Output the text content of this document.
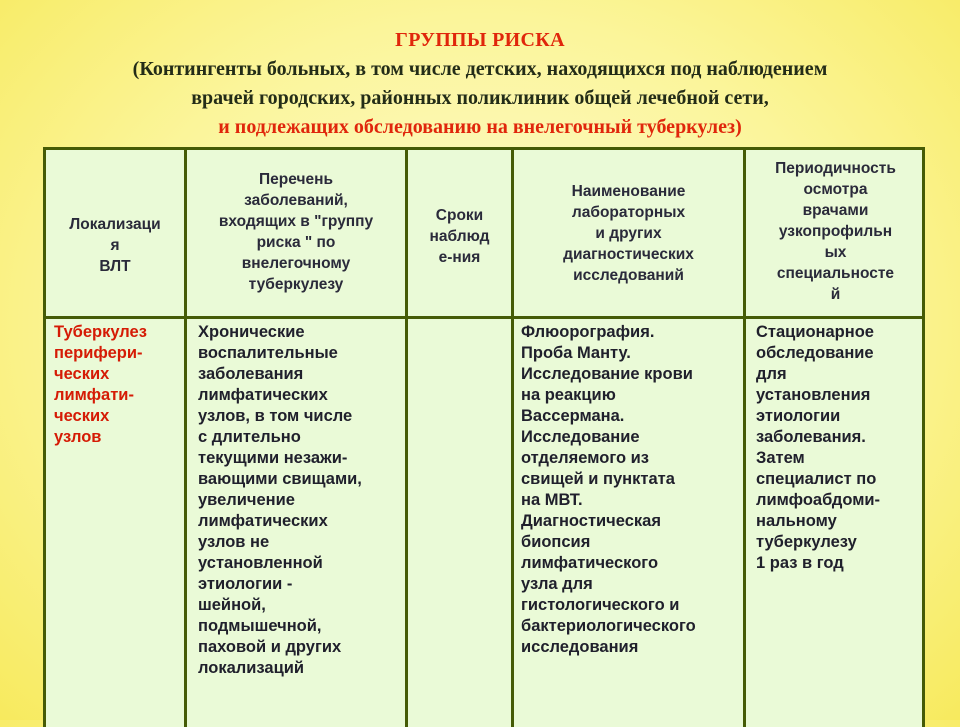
ГРУППЫ РИСКА
(Контингенты больных, в том числе детских, находящихся под наблюдением
врачей городских, районных поликлиник общей лечебной сети,
и подлежащих обследованию на внелегочный туберкулез)
Локализаци
я
ВЛТ
Перечень
заболеваний,
входящих в "группу
риска " по
внелегочному
туберкулезу
Сроки
наблюд
е-ния
Наименование
лабораторных
и других
диагностических
исследований
Периодичность
осмотра
врачами
узкопрофильн
ых
специальносте
й
Туберкулез
перифери-
ческих
лимфати-
ческих
узлов
Хронические
воспалительные
заболевания
лимфатических
узлов, в том числе
с длительно
текущими незажи-
вающими свищами,
увеличение
лимфатических
узлов не
установленной
этиологии -
шейной,
подмышечной,
паховой и других
локализаций
Флюорография.
Проба Манту.
Исследование крови
на реакцию
Вассермана.
Исследование
отделяемого из
свищей и пунктата
на МВТ.
Диагностическая
биопсия
лимфатического
узла для
гистологического и
бактериологического
исследования
Стационарное
обследование
для
установления
этиологии
заболевания.
Затем
специалист по
лимфоабдоми-
нальному
туберкулезу
1 раз в год
